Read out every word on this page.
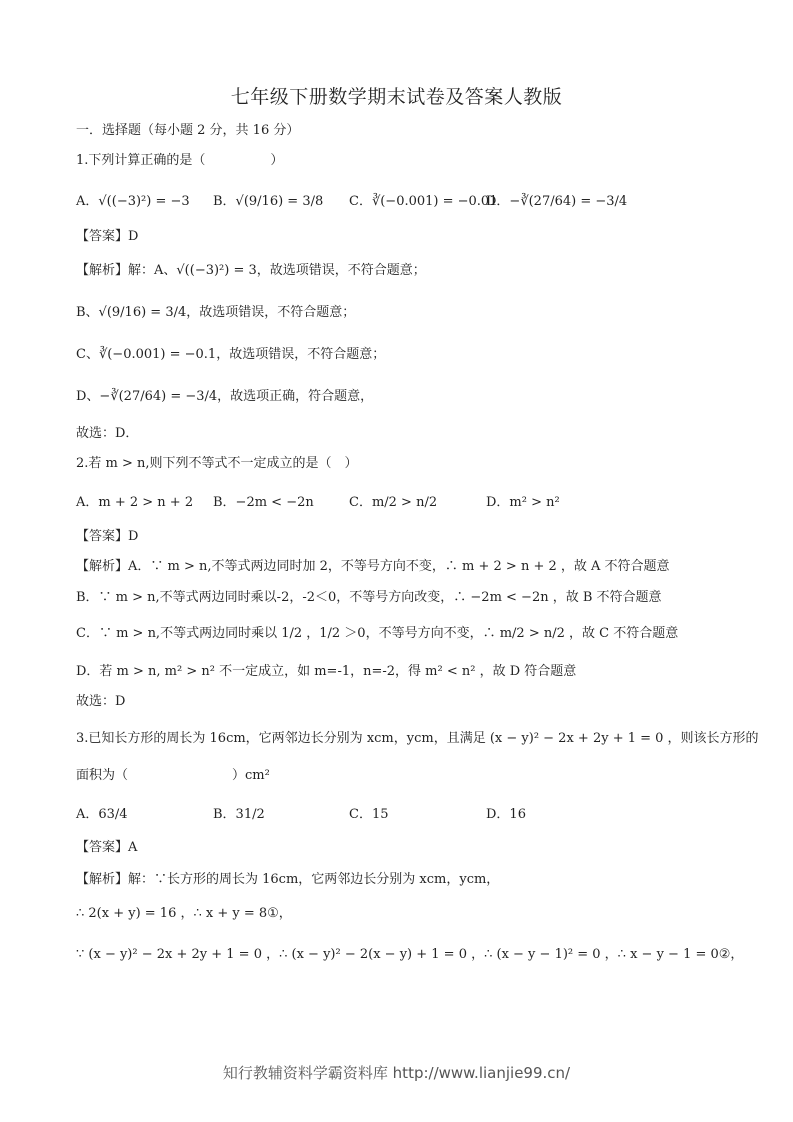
七年级下册数学期末试卷及答案人教版
一．选择题（每小题 2 分，共 16 分）
1.下列计算正确的是（　　　　　）
A．√((−3)²) = −3 B．√(9/16) = 3/8 C．∛(−0.001) = −0.01
D．−∛(27/64) = −3/4
【答案】D
【解析】解：A、√((−3)²) = 3，故选项错误，不符合题意；
B、√(9/16) = 3/4，故选项错误，不符合题意；
C、∛(−0.001) = −0.1，故选项错误，不符合题意；
D、−∛(27/64) = −3/4，故选项正确，符合题意，
故选：D．
2.若 m > n,则下列不等式不一定成立的是（　）
A．m + 2 > n + 2 B．−2m < −2n	C．m/2 > n/2	D．m² > n²
【答案】D
【解析】A．∵ m > n,不等式两边同时加 2，不等号方向不变，∴ m + 2 > n + 2 ，故 A 不符合题意
B．∵ m > n,不等式两边同时乘以-2，-2＜0，不等号方向改变，∴ −2m < −2n ，故 B 不符合题意
C．∵ m > n,不等式两边同时乘以 1/2 ，1/2 ＞0，不等号方向不变，∴ m/2 > n/2 ，故 C 不符合题意
D．若 m > n, m² > n² 不一定成立，如 m=-1，n=-2，得 m² < n² ，故 D 符合题意
故选：D
3.已知长方形的周长为 16cm，它两邻边长分别为 xcm，ycm，且满足 (x − y)² − 2x + 2y + 1 = 0 ，则该长方形的
面积为（　　　　　　　　）cm²
A．63/4	B．31/2	C．15	D．16
【答案】A
【解析】解：∵长方形的周长为 16cm，它两邻边长分别为 xcm，ycm，
∴ 2(x + y) = 16 ，∴ x + y = 8①，
∵ (x − y)² − 2x + 2y + 1 = 0 ，∴ (x − y)² − 2(x − y) + 1 = 0 ，∴ (x − y − 1)² = 0 ，∴ x − y − 1 = 0②，
知行教辅资料学霸资料库 http://www.lianjie99.cn/
